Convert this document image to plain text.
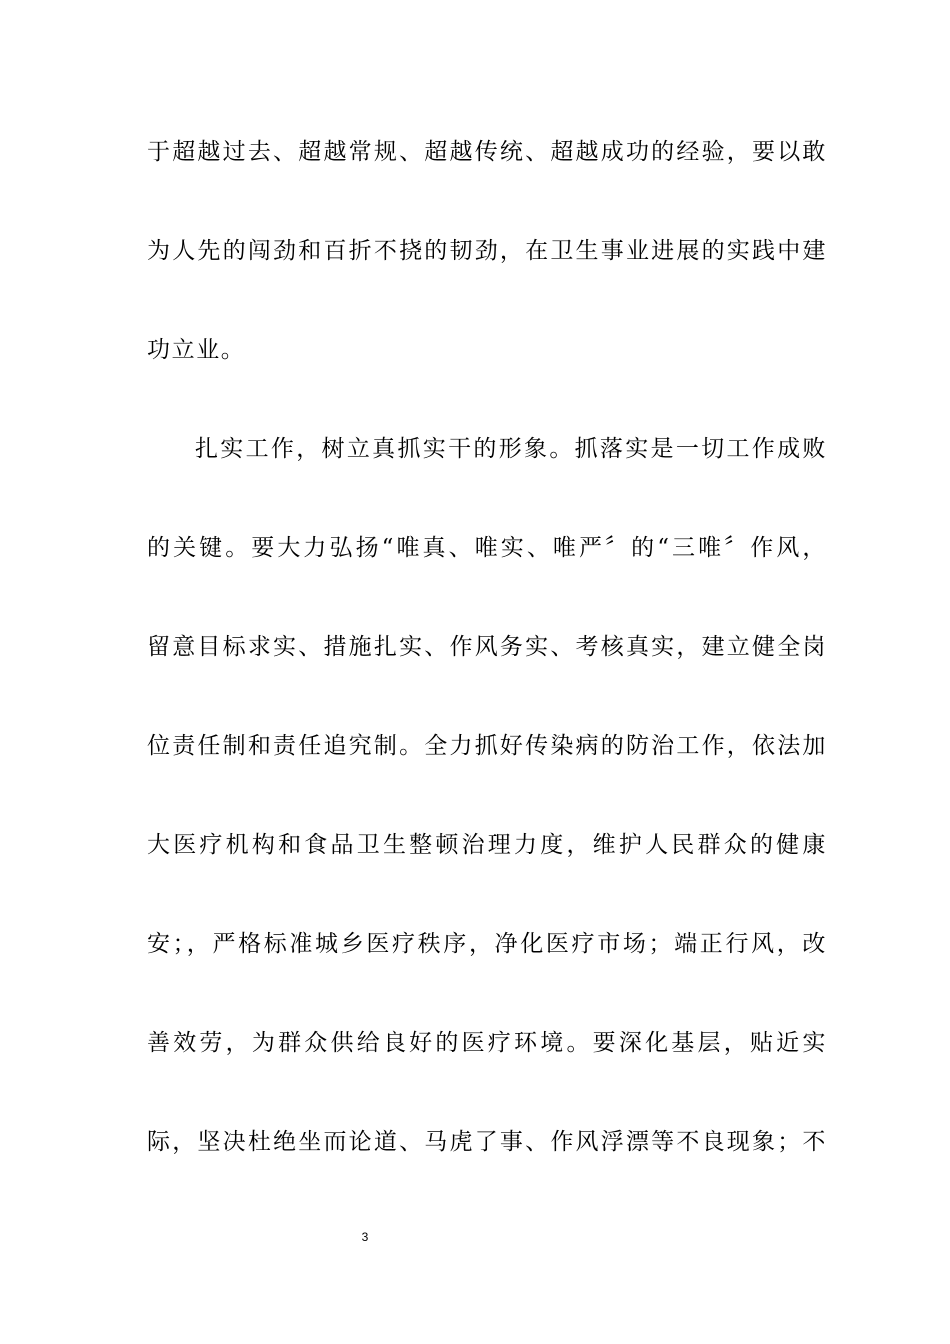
于超越过去、超越常规、超越传统、超越成功的经验，要以敢
为人先的闯劲和百折不挠的韧劲，在卫生事业进展的实践中建
功立业。
扎实工作，树立真抓实干的形象。抓落实是一切工作成败
的关键。要大力弘扬“唯真、唯实、唯严〞的“三唯〞作风，
留意目标求实、措施扎实、作风务实、考核真实，建立健全岗
位责任制和责任追究制。全力抓好传染病的防治工作，依法加
大医疗机构和食品卫生整顿治理力度，维护人民群众的健康
安；，严格标准城乡医疗秩序，净化医疗市场；端正行风，改
善效劳，为群众供给良好的医疗环境。要深化基层，贴近实
际，坚决杜绝坐而论道、马虎了事、作风浮漂等不良现象；不
3
